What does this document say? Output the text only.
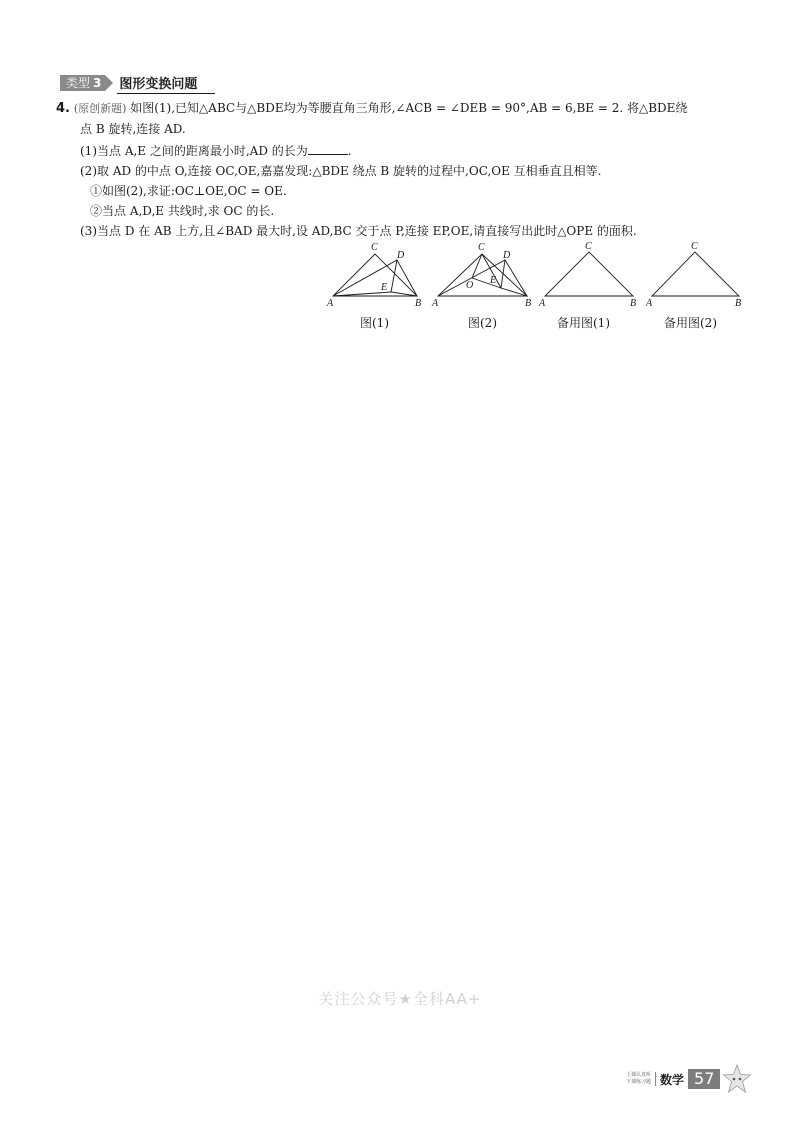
类型 3 图形变换问题
4. (原创新题) 如图(1),已知△ABC与△BDE均为等腰直角三角形,∠ACB = ∠DEB = 90°,AB = 6,BE = 2. 将△BDE绕
点 B 旋转,连接 AD.
(1)当点 A,E 之间的距离最小时,AD 的长为	.
(2)取 AD 的中点 O,连接 OC,OE,嘉嘉发现:△BDE 绕点 B 旋转的过程中,OC,OE 互相垂直且相等.
①如图(2),求证:OC⊥OE,OC = OE.
②当点 A,D,E 共线时,求 OC 的长.
(3)当点 D 在 AB 上方,且∠BAD 最大时,设 AD,BC 交于点 P,连接 EP,OE,请直接写出此时△OPE 的面积.
A	B
C
D
E
A	B
C
D
E
O
A	B
C
A	B
C
图(1)	图(2)	备用图(1)	备用图(2)
关注公众号★全科AA+
上课认真听
下课练习题 数学 57
